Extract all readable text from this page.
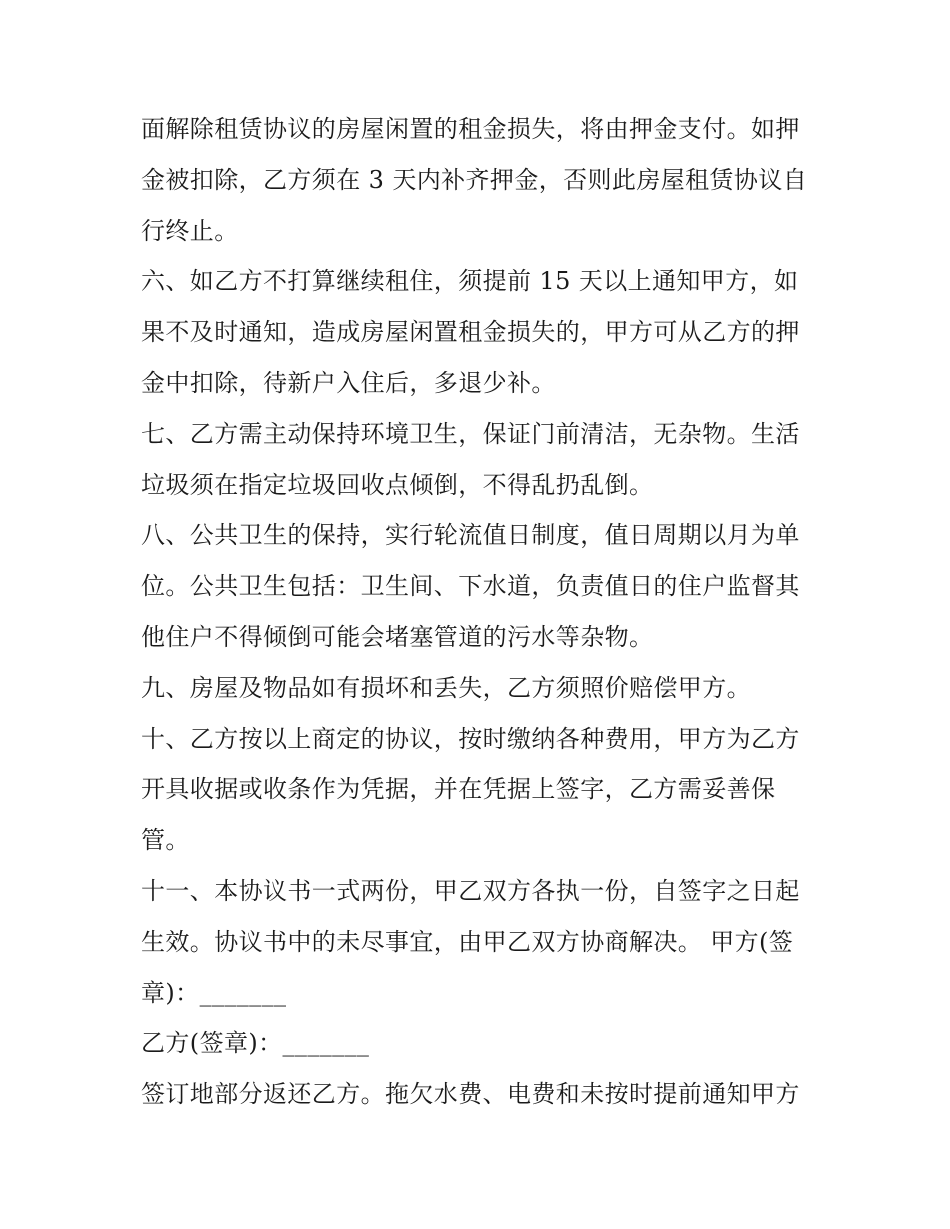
面解除租赁协议的房屋闲置的租金损失，将由押金支付。如押
金被扣除，乙方须在 3 天内补齐押金，否则此房屋租赁协议自
行终止。
六、如乙方不打算继续租住，须提前 15 天以上通知甲方，如
果不及时通知，造成房屋闲置租金损失的，甲方可从乙方的押
金中扣除，待新户入住后，多退少补。
七、乙方需主动保持环境卫生，保证门前清洁，无杂物。生活
垃圾须在指定垃圾回收点倾倒，不得乱扔乱倒。
八、公共卫生的保持，实行轮流值日制度，值日周期以月为单
位。公共卫生包括：卫生间、下水道，负责值日的住户监督其
他住户不得倾倒可能会堵塞管道的污水等杂物。
九、房屋及物品如有损坏和丢失，乙方须照价赔偿甲方。
十、乙方按以上商定的协议，按时缴纳各种费用，甲方为乙方
开具收据或收条作为凭据，并在凭据上签字，乙方需妥善保
管。
十一、本协议书一式两份，甲乙双方各执一份，自签字之日起
生效。协议书中的未尽事宜，由甲乙双方协商解决。 甲方(签
章)：_______
乙方(签章)：_______
签订地部分返还乙方。拖欠水费、电费和未按时提前通知甲方
